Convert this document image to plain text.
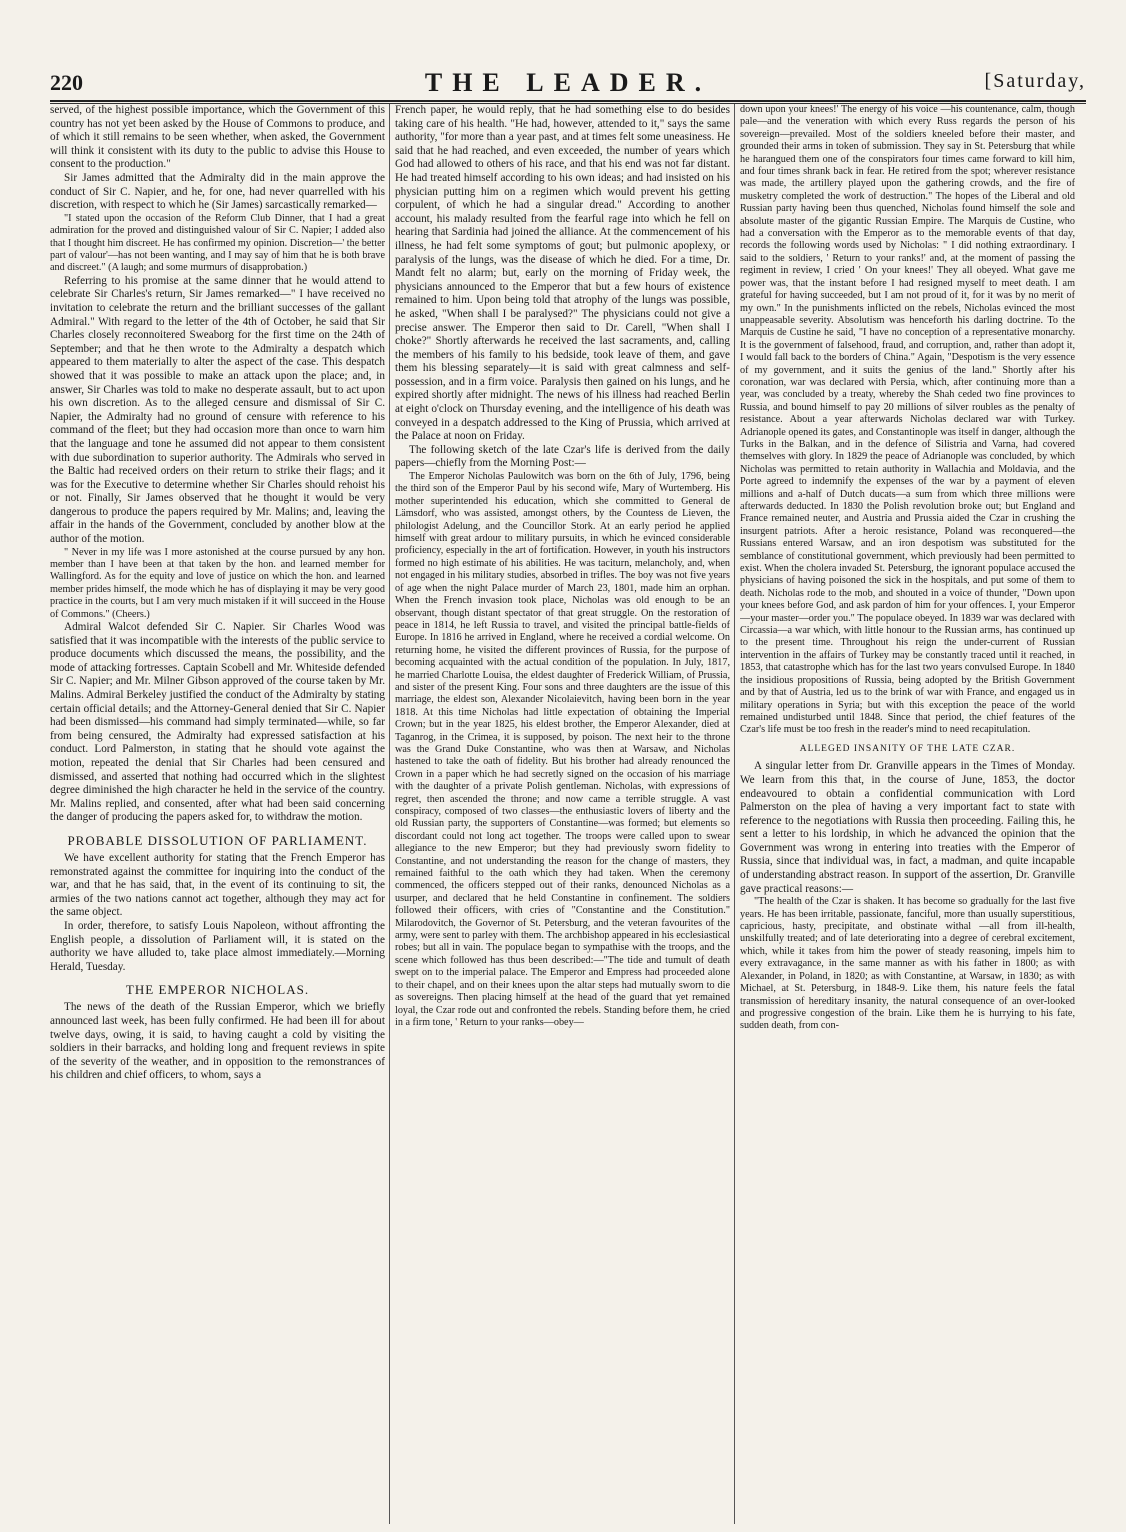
220	THE LEADER.	[Saturday,

served, of the highest possible importance, which the Government of this country has not yet been asked by the House of Commons to produce, and of which it still remains to be seen whether, when asked, the Government will think it consistent with its duty to the public to advise this House to consent to the production."

Sir James admitted that the Admiralty did in the main approve the conduct of Sir C. Napier, and he, for one, had never quarrelled with his discretion, with respect to which he (Sir James) sarcastically remarked—

"I stated upon the occasion of the Reform Club Dinner, that I had a great admiration for the proved and distinguished valour of Sir C. Napier; I added also that I thought him discreet. He has confirmed my opinion. Discretion—' the better part of valour'—has not been wanting, and I may say of him that he is both brave and discreet." (A laugh; and some murmurs of disapprobation.)

Referring to his promise at the same dinner that he would attend to celebrate Sir Charles's return, Sir James remarked—" I have received no invitation to celebrate the return and the brilliant successes of the gallant Admiral." With regard to the letter of the 4th of October, he said that Sir Charles closely reconnoitered Sweaborg for the first time on the 24th of September; and that he then wrote to the Admiralty a despatch which appeared to them materially to alter the aspect of the case. This despatch showed that it was possible to make an attack upon the place; and, in answer, Sir Charles was told to make no desperate assault, but to act upon his own discretion. As to the alleged censure and dismissal of Sir C. Napier, the Admiralty had no ground of censure with reference to his command of the fleet; but they had occasion more than once to warn him that the language and tone he assumed did not appear to them consistent with due subordination to superior authority. The Admirals who served in the Baltic had received orders on their return to strike their flags; and it was for the Executive to determine whether Sir Charles should rehoist his or not. Finally, Sir James observed that he thought it would be very dangerous to produce the papers required by Mr. Malins; and, leaving the affair in the hands of the Government, concluded by another blow at the author of the motion.

" Never in my life was I more astonished at the course pursued by any hon. member than I have been at that taken by the hon. and learned member for Wallingford. As for the equity and love of justice on which the hon. and learned member prides himself, the mode which he has of displaying it may be very good practice in the courts, but I am very much mistaken if it will succeed in the House of Commons." (Cheers.)

Admiral Walcot defended Sir C. Napier. Sir Charles Wood was satisfied that it was incompatible with the interests of the public service to produce documents which discussed the means, the possibility, and the mode of attacking fortresses. Captain Scobell and Mr. Whiteside defended Sir C. Napier; and Mr. Milner Gibson approved of the course taken by Mr. Malins. Admiral Berkeley justified the conduct of the Admiralty by stating certain official details; and the Attorney-General denied that Sir C. Napier had been dismissed—his command had simply terminated—while, so far from being censured, the Admiralty had expressed satisfaction at his conduct. Lord Palmerston, in stating that he should vote against the motion, repeated the denial that Sir Charles had been censured and dismissed, and asserted that nothing had occurred which in the slightest degree diminished the high character he held in the service of the country. Mr. Malins replied, and consented, after what had been said concerning the danger of producing the papers asked for, to withdraw the motion.

PROBABLE DISSOLUTION OF PARLIAMENT.

We have excellent authority for stating that the French Emperor has remonstrated against the committee for inquiring into the conduct of the war, and that he has said, that, in the event of its continuing to sit, the armies of the two nations cannot act together, although they may act for the same object.

In order, therefore, to satisfy Louis Napoleon, without affronting the English people, a dissolution of Parliament will, it is stated on the authority we have alluded to, take place almost immediately.—Morning Herald, Tuesday.

THE EMPEROR NICHOLAS.

The news of the death of the Russian Emperor, which we briefly announced last week, has been fully confirmed. He had been ill for about twelve days, owing, it is said, to having caught a cold by visiting the soldiers in their barracks, and holding long and frequent reviews in spite of the severity of the weather, and in opposition to the remonstrances of his children and chief officers, to whom, says a

French paper, he would reply, that he had something else to do besides taking care of his health. "He had, however, attended to it," says the same authority, "for more than a year past, and at times felt some uneasiness. He said that he had reached, and even exceeded, the number of years which God had allowed to others of his race, and that his end was not far distant. He had treated himself according to his own ideas; and had insisted on his physician putting him on a regimen which would prevent his getting corpulent, of which he had a singular dread." According to another account, his malady resulted from the fearful rage into which he fell on hearing that Sardinia had joined the alliance. At the commencement of his illness, he had felt some symptoms of gout; but pulmonic apoplexy, or paralysis of the lungs, was the disease of which he died. For a time, Dr. Mandt felt no alarm; but, early on the morning of Friday week, the physicians announced to the Emperor that but a few hours of existence remained to him. Upon being told that atrophy of the lungs was possible, he asked, "When shall I be paralysed?" The physicians could not give a precise answer. The Emperor then said to Dr. Carell, "When shall I choke?" Shortly afterwards he received the last sacraments, and, calling the members of his family to his bedside, took leave of them, and gave them his blessing separately—it is said with great calmness and self-possession, and in a firm voice. Paralysis then gained on his lungs, and he expired shortly after midnight. The news of his illness had reached Berlin at eight o'clock on Thursday evening, and the intelligence of his death was conveyed in a despatch addressed to the King of Prussia, which arrived at the Palace at noon on Friday.

The following sketch of the late Czar's life is derived from the daily papers—chiefly from the Morning Post:—

The Emperor Nicholas Paulowitch was born on the 6th of July, 1796, being the third son of the Emperor Paul by his second wife, Mary of Wurtemberg. His mother superintended his education, which she committed to General de Lämsdorf, who was assisted, amongst others, by the Countess de Lieven, the philologist Adelung, and the Councillor Stork. At an early period he applied himself with great ardour to military pursuits, in which he evinced considerable proficiency, especially in the art of fortification. However, in youth his instructors formed no high estimate of his abilities. He was taciturn, melancholy, and, when not engaged in his military studies, absorbed in trifles. The boy was not five years of age when the night Palace murder of March 23, 1801, made him an orphan. When the French invasion took place, Nicholas was old enough to be an observant, though distant spectator of that great struggle. On the restoration of peace in 1814, he left Russia to travel, and visited the principal battle-fields of Europe. In 1816 he arrived in England, where he received a cordial welcome. On returning home, he visited the different provinces of Russia, for the purpose of becoming acquainted with the actual condition of the population. In July, 1817, he married Charlotte Louisa, the eldest daughter of Frederick William, of Prussia, and sister of the present King. Four sons and three daughters are the issue of this marriage, the eldest son, Alexander Nicolaievitch, having been born in the year 1818. At this time Nicholas had little expectation of obtaining the Imperial Crown; but in the year 1825, his eldest brother, the Emperor Alexander, died at Taganrog, in the Crimea, it is supposed, by poison. The next heir to the throne was the Grand Duke Constantine, who was then at Warsaw, and Nicholas hastened to take the oath of fidelity. But his brother had already renounced the Crown in a paper which he had secretly signed on the occasion of his marriage with the daughter of a private Polish gentleman. Nicholas, with expressions of regret, then ascended the throne; and now came a terrible struggle. A vast conspiracy, composed of two classes—the enthusiastic lovers of liberty and the old Russian party, the supporters of Constantine—was formed; but elements so discordant could not long act together. The troops were called upon to swear allegiance to the new Emperor; but they had previously sworn fidelity to Constantine, and not understanding the reason for the change of masters, they remained faithful to the oath which they had taken. When the ceremony commenced, the officers stepped out of their ranks, denounced Nicholas as a usurper, and declared that he held Constantine in confinement. The soldiers followed their officers, with cries of "Constantine and the Constitution." Milarodovitch, the Governor of St. Petersburg, and the veteran favourites of the army, were sent to parley with them. The archbishop appeared in his ecclesiastical robes; but all in vain. The populace began to sympathise with the troops, and the scene which followed has thus been described:—"The tide and tumult of death swept on to the imperial palace. The Emperor and Empress had proceeded alone to their chapel, and on their knees upon the altar steps had mutually sworn to die as sovereigns. Then placing himself at the head of the guard that yet remained loyal, the Czar rode out and confronted the rebels. Standing before them, he cried in a firm tone, ' Return to your ranks—obey—

down upon your knees!' The energy of his voice —his countenance, calm, though pale—and the veneration with which every Russ regards the person of his sovereign—prevailed. Most of the soldiers kneeled before their master, and grounded their arms in token of submission. They say in St. Petersburg that while he harangued them one of the conspirators four times came forward to kill him, and four times shrank back in fear. He retired from the spot; wherever resistance was made, the artillery played upon the gathering crowds, and the fire of musketry completed the work of destruction." The hopes of the Liberal and old Russian party having been thus quenched, Nicholas found himself the sole and absolute master of the gigantic Russian Empire. The Marquis de Custine, who had a conversation with the Emperor as to the memorable events of that day, records the following words used by Nicholas: " I did nothing extraordinary. I said to the soldiers, ' Return to your ranks!' and, at the moment of passing the regiment in review, I cried ' On your knees!' They all obeyed. What gave me power was, that the instant before I had resigned myself to meet death. I am grateful for having succeeded, but I am not proud of it, for it was by no merit of my own." In the punishments inflicted on the rebels, Nicholas evinced the most unappeasable severity. Absolutism was henceforth his darling doctrine. To the Marquis de Custine he said, "I have no conception of a representative monarchy. It is the government of falsehood, fraud, and corruption, and, rather than adopt it, I would fall back to the borders of China." Again, "Despotism is the very essence of my government, and it suits the genius of the land." Shortly after his coronation, war was declared with Persia, which, after continuing more than a year, was concluded by a treaty, whereby the Shah ceded two fine provinces to Russia, and bound himself to pay 20 millions of silver roubles as the penalty of resistance. About a year afterwards Nicholas declared war with Turkey. Adrianople opened its gates, and Constantinople was itself in danger, although the Turks in the Balkan, and in the defence of Silistria and Varna, had covered themselves with glory. In 1829 the peace of Adrianople was concluded, by which Nicholas was permitted to retain authority in Wallachia and Moldavia, and the Porte agreed to indemnify the expenses of the war by a payment of eleven millions and a-half of Dutch ducats—a sum from which three millions were afterwards deducted. In 1830 the Polish revolution broke out; but England and France remained neuter, and Austria and Prussia aided the Czar in crushing the insurgent patriots. After a heroic resistance, Poland was reconquered—the Russians entered Warsaw, and an iron despotism was substituted for the semblance of constitutional government, which previously had been permitted to exist. When the cholera invaded St. Petersburg, the ignorant populace accused the physicians of having poisoned the sick in the hospitals, and put some of them to death. Nicholas rode to the mob, and shouted in a voice of thunder, "Down upon your knees before God, and ask pardon of him for your offences. I, your Emperor—your master—order you." The populace obeyed. In 1839 war was declared with Circassia—a war which, with little honour to the Russian arms, has continued up to the present time. Throughout his reign the under-current of Russian intervention in the affairs of Turkey may be constantly traced until it reached, in 1853, that catastrophe which has for the last two years convulsed Europe. In 1840 the insidious propositions of Russia, being adopted by the British Government and by that of Austria, led us to the brink of war with France, and engaged us in military operations in Syria; but with this exception the peace of the world remained undisturbed until 1848. Since that period, the chief features of the Czar's life must be too fresh in the reader's mind to need recapitulation.

ALLEGED INSANITY OF THE LATE CZAR.

A singular letter from Dr. Granville appears in the Times of Monday. We learn from this that, in the course of June, 1853, the doctor endeavoured to obtain a confidential communication with Lord Palmerston on the plea of having a very important fact to state with reference to the negotiations with Russia then proceeding. Failing this, he sent a letter to his lordship, in which he advanced the opinion that the Government was wrong in entering into treaties with the Emperor of Russia, since that individual was, in fact, a madman, and quite incapable of understanding abstract reason. In support of the assertion, Dr. Granville gave practical reasons:—

"The health of the Czar is shaken. It has become so gradually for the last five years. He has been irritable, passionate, fanciful, more than usually superstitious, capricious, hasty, precipitate, and obstinate withal —all from ill-health, unskilfully treated; and of late deteriorating into a degree of cerebral excitement, which, while it takes from him the power of steady reasoning, impels him to every extravagance, in the same manner as with his father in 1800; as with Alexander, in Poland, in 1820; as with Constantine, at Warsaw, in 1830; as with Michael, at St. Petersburg, in 1848-9. Like them, his nature feels the fatal transmission of hereditary insanity, the natural consequence of an over-looked and progressive congestion of the brain. Like them he is hurrying to his fate, sudden death, from con-
